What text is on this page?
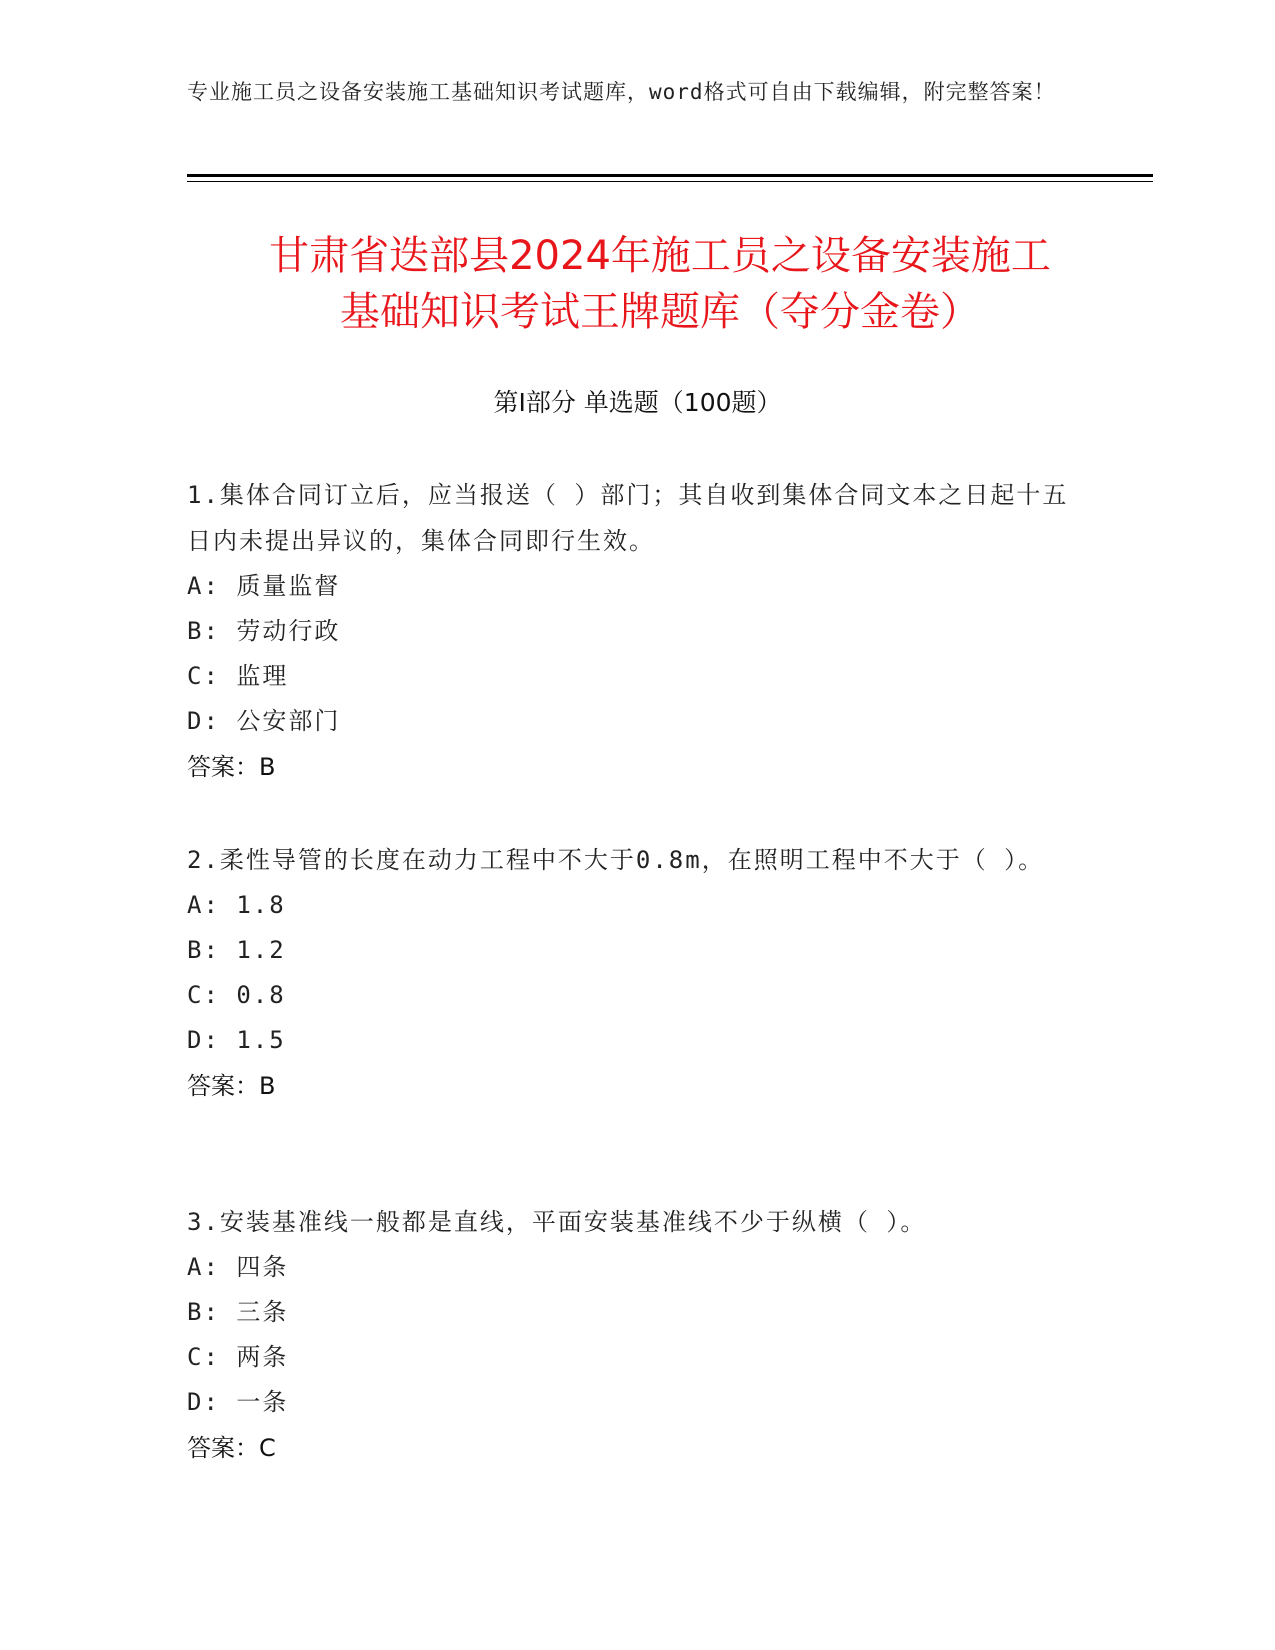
专业施工员之设备安装施工基础知识考试题库，word格式可自由下载编辑，附完整答案！
甘肃省迭部县2024年施工员之设备安装施工
基础知识考试王牌题库（夺分金卷）
第Ⅰ部分 单选题（100题）

1.集体合同订立后，应当报送（ ）部门；其自收到集体合同文本之日起十五日内未提出异议的，集体合同即行生效。

A: 质量监督

B: 劳动行政

C: 监理

D: 公安部门

答案：B

2.柔性导管的长度在动力工程中不大于0.8m，在照明工程中不大于（ ）。

A: 1.8

B: 1.2

C: 0.8

D: 1.5

答案：B

3.安装基准线一般都是直线，平面安装基准线不少于纵横（ ）。

A: 四条

B: 三条

C: 两条

D: 一条

答案：C
